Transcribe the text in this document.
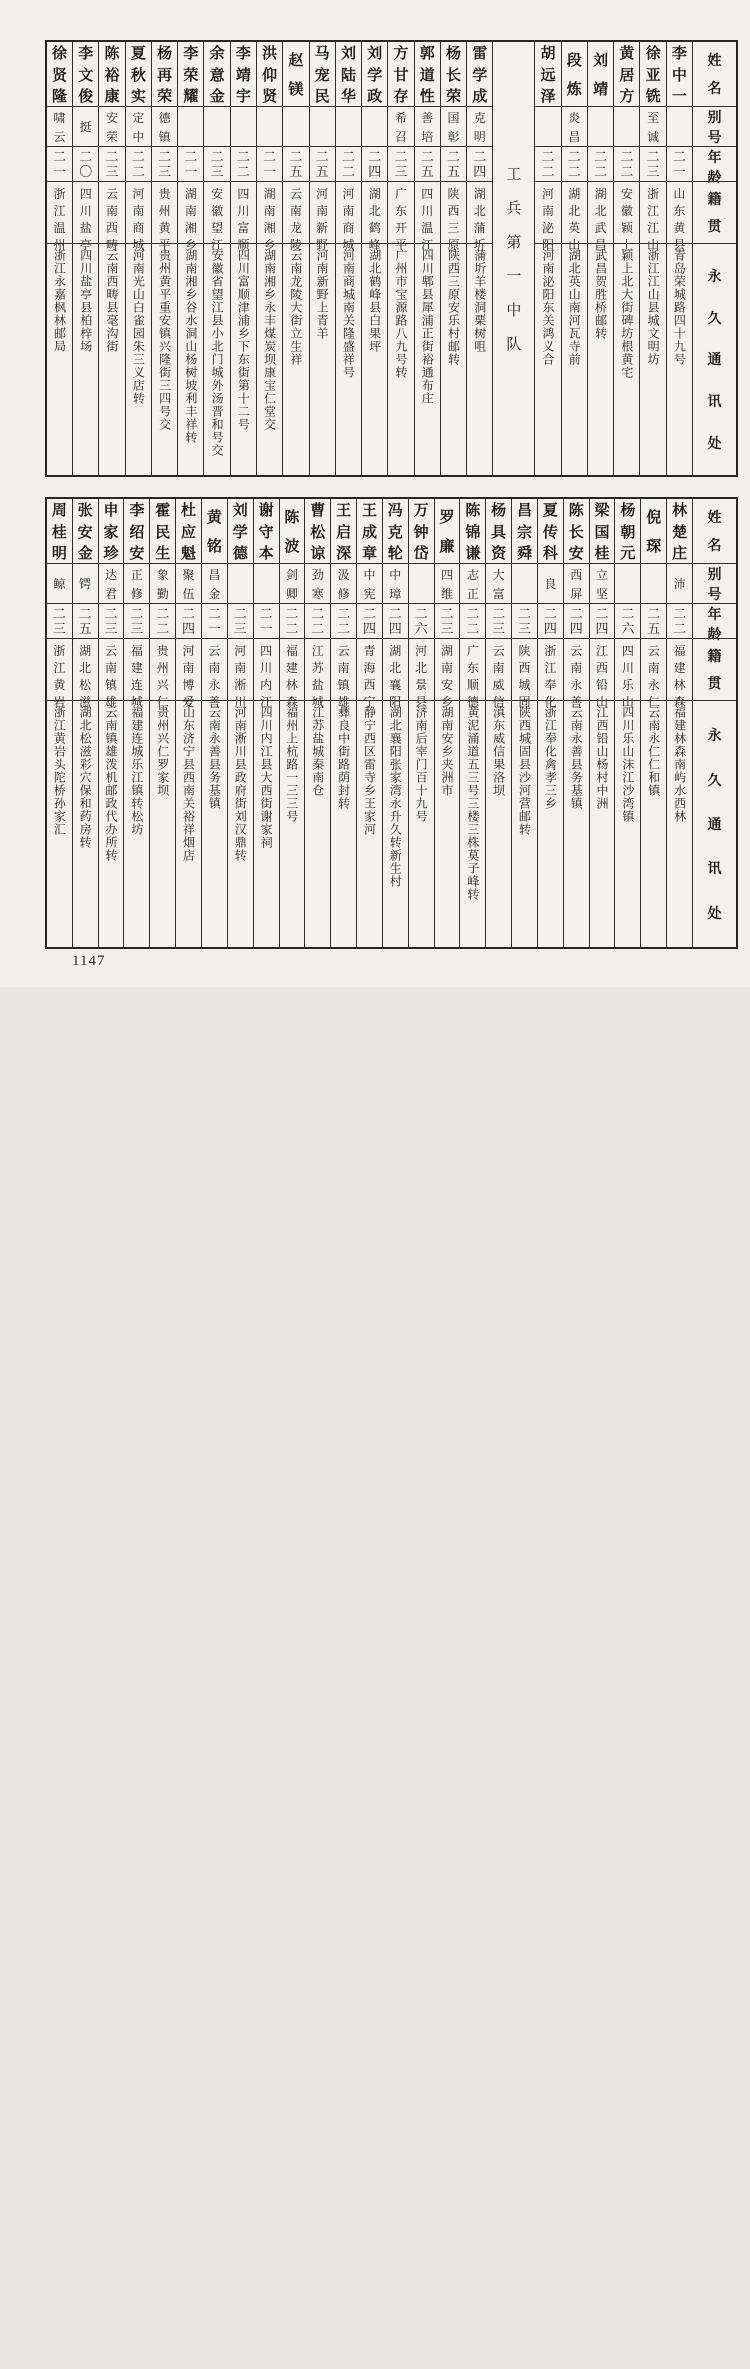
姓
名
别
号
年
龄
籍
贯
永
久
通
讯
处
李
中
一
二
一
山
东
黄
县
青岛荣城路四十九号
徐
亚
铣
至
诚
二
三
浙
江
江
山
浙江江山县城文明坊
黄
居
方
二
二
安
徽
颖
上
颖上北大街碑坊根黄宅
刘
靖
二
二
湖
北
武
昌
武昌贺胜桥邮转
段
炼
炎
昌
二
二
湖
北
英
山
湖北英山南河瓦寺前
胡
远
泽
二
二
河
南
泌
阳
河南泌阳东关鸿义合
工
兵
第
一
中
队
雷
学
成
克
明
二
四
湖
北
蒲
圻
蒲圻羊楼洞栗树咀
杨
长
荣
国
彰
二
五
陕
西
三
原
陕西三原安乐村邮转
郭
道
性
善
培
二
五
四
川
温
江
四川郫县犀浦正街裕通布庄
方
甘
存
希
召
二
三
广
东
开
平
广州市宝源路八九号转
刘
学
政
二
四
湖
北
鹤
峰
湖北鹤峰县白果坪
刘
陆
华
二
二
河
南
商
城
河南商城南关隆盛祥号
马
宠
民
二
五
河
南
新
野
河南新野上青羊
赵
镁
二
五
云
南
龙
陵
云南龙陵大街立生祥
洪
仰
贤
二
一
湖
南
湘
乡
湖南湘乡永丰煤炭坝康宝仁堂交
李
靖
宇
二
二
四
川
富
顺
四川富顺津浦乡下东街第十二号
余
意
金
二
三
安
徽
望
江
安徽省望江县小北门城外汤晋和号交
李
荣
耀
二
一
湖
南
湘
乡
湖南湘乡谷水洞山杨树坡利丰祥转
杨
再
荣
德
镇
二
三
贵
州
黄
平
贵州黄平重安镇兴隆街三四号交
夏
秋
实
定
中
二
二
河
南
商
城
河南光山白雀园朱三义店转
陈
裕
康
安
荣
二
三
云
南
西
畴
云南西畴县毫沟街
李
文
俊
挺
二
〇
四
川
盐
亭
四川盐亭县柏梓场
徐
贤
隆
啸
云
二
一
浙
江
温
州
浙江永嘉枫林邮局
姓
名
别
号
年
龄
籍
贯
永
久
通
讯
处
林
楚
庄
沛
二
二
福
建
林
森
福建林森南屿水西林
倪
琛
二
五
云
南
永
仁
云南永仁仁和镇
杨
朝
元
二
六
四
川
乐
山
四川乐山沫江沙湾镇
梁
国
桂
立
坚
二
四
江
西
铅
山
江西铅山杨村中洲
陈
长
安
西
屏
二
四
云
南
永
善
云南永善县务基镇
夏
传
科
良
二
四
浙
江
奉
化
浙江奉化禽孝三乡
昌
宗
舜
二
三
陕
西
城
固
陕西城固县沙河营邮转
杨
具
资
大
富
二
三
云
南
威
信
滇东威信果洛坝
陈
锦
谦
志
正
二
二
广
东
顺
德
黄泥涌道五三号三楼三株莫子峰转
罗
廉
四
维
二
三
湖
南
安
乡
湖南安乡夹洲市
万
钟
岱
二
六
河
北
景
县
济南后宰门百十九号
冯
克
轮
中
璋
二
四
湖
北
襄
阳
湖北襄阳张家湾永升久转新生村
王
成
章
中
宪
二
四
青
海
西
宁
静宁西区雷寺乡王家河
王
启
深
汲
修
二
二
云
南
镇
雄
彝良中街路荫封转
曹
松
谅
劲
寒
二
二
江
苏
盐
城
江苏盐城秦南仓
陈
波
剑
卿
二
二
福
建
林
森
福州上杭路一三三号
谢
守
本
二
一
四
川
内
江
四川内江县大西街谢家祠
刘
学
德
二
三
河
南
淅
川
河南淅川县政府街刘汉鼎转
黄
铭
昌
金
二
一
云
南
永
善
云南永善县务基镇
杜
应
魁
聚
伍
二
四
河
南
博
爱
山东济宁县西南关裕祥烟店
霍
民
生
象
勤
二
二
贵
州
兴
仁
贵州兴仁罗家坝
李
绍
安
正
修
二
三
福
建
连
城
福建连城乐江镇转松坊
申
家
珍
达
君
二
三
云
南
镇
雄
云南镇雄泼机邮政代办所转
张
安
金
锷
二
五
湖
北
松
滋
湖北松滋彩穴保和药房转
周
桂
明
鲸
二
三
浙
江
黄
岩
浙江黄岩头陀桥孙家汇
1147
